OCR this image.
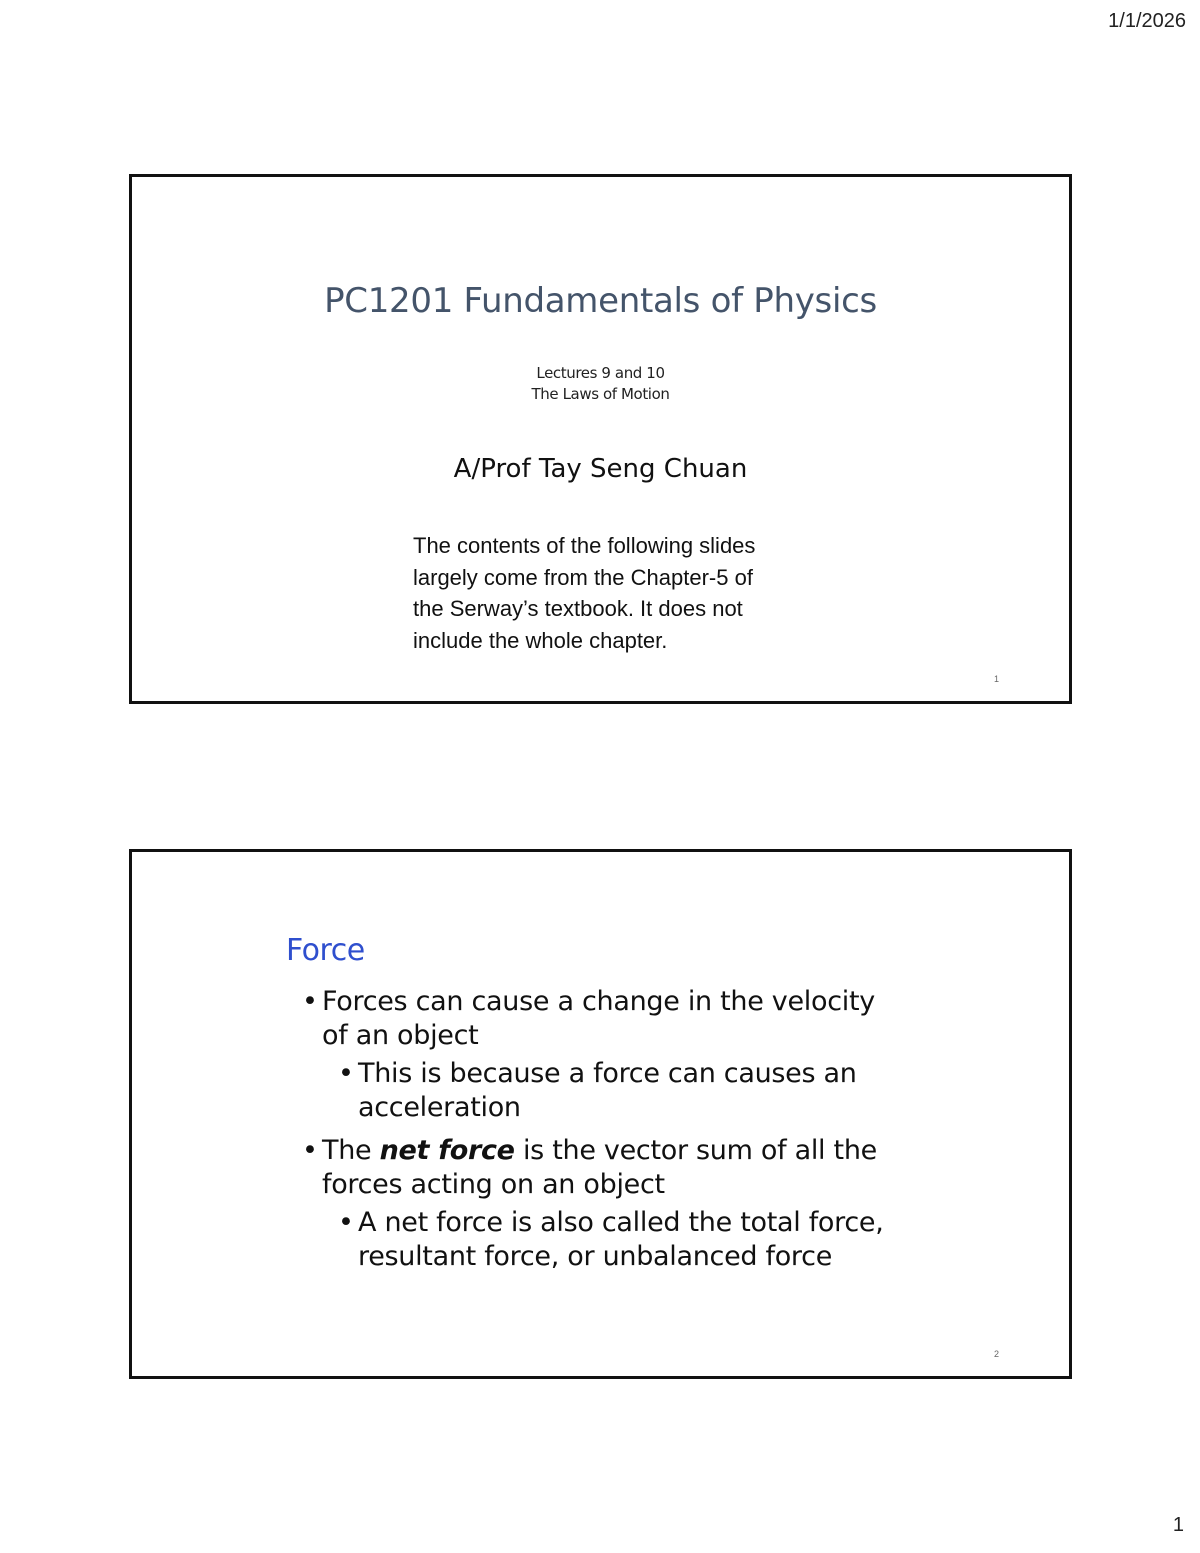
1/1/2026
PC1201 Fundamentals of Physics
Lectures 9 and 10
The Laws of Motion
A/Prof Tay Seng Chuan
The contents of the following slides
largely come from the Chapter-5 of
the Serway’s textbook. It does not
include the whole chapter.
1
Force
• Forces can cause a change in the velocity of an object
• This is because a force can causes an acceleration
• The net force is the vector sum of all the forces acting on an object
• A net force is also called the total force, resultant force, or unbalanced force
2
1
